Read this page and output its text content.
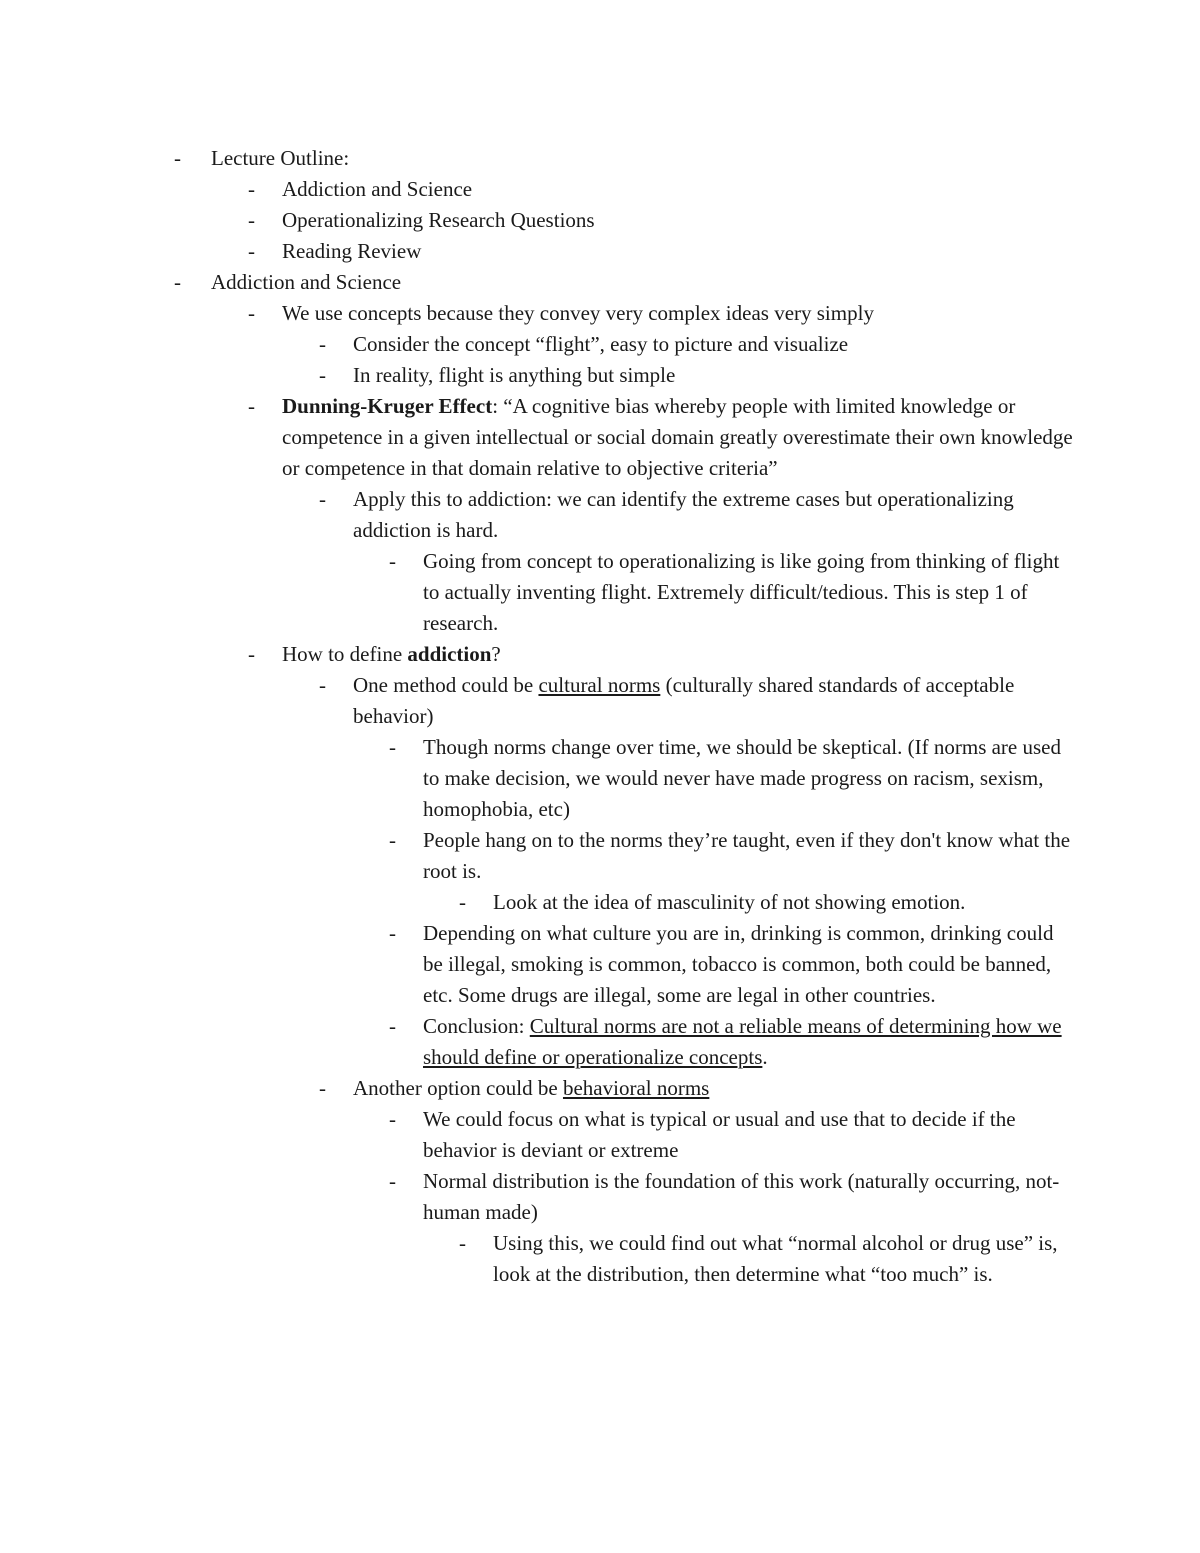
- Lecture Outline:
- Addiction and Science
- Operationalizing Research Questions
- Reading Review
- Addiction and Science
- We use concepts because they convey very complex ideas very simply
- Consider the concept “flight”, easy to picture and visualize
- In reality, flight is anything but simple
- Dunning-Kruger Effect: “A cognitive bias whereby people with limited knowledge or competence in a given intellectual or social domain greatly overestimate their own knowledge or competence in that domain relative to objective criteria”
- Apply this to addiction: we can identify the extreme cases but operationalizing addiction is hard.
- Going from concept to operationalizing is like going from thinking of flight to actually inventing flight. Extremely difficult/tedious. This is step 1 of research.
- How to define addiction?
- One method could be cultural norms (culturally shared standards of acceptable behavior)
- Though norms change over time, we should be skeptical. (If norms are used to make decision, we would never have made progress on racism, sexism, homophobia, etc)
- People hang on to the norms they’re taught, even if they don't know what the root is.
- Look at the idea of masculinity of not showing emotion.
- Depending on what culture you are in, drinking is common, drinking could be illegal, smoking is common, tobacco is common, both could be banned, etc. Some drugs are illegal, some are legal in other countries.
- Conclusion: Cultural norms are not a reliable means of determining how we should define or operationalize concepts.
- Another option could be behavioral norms
- We could focus on what is typical or usual and use that to decide if the behavior is deviant or extreme
- Normal distribution is the foundation of this work (naturally occurring, not-human made)
- Using this, we could find out what “normal alcohol or drug use” is, look at the distribution, then determine what “too much” is.
